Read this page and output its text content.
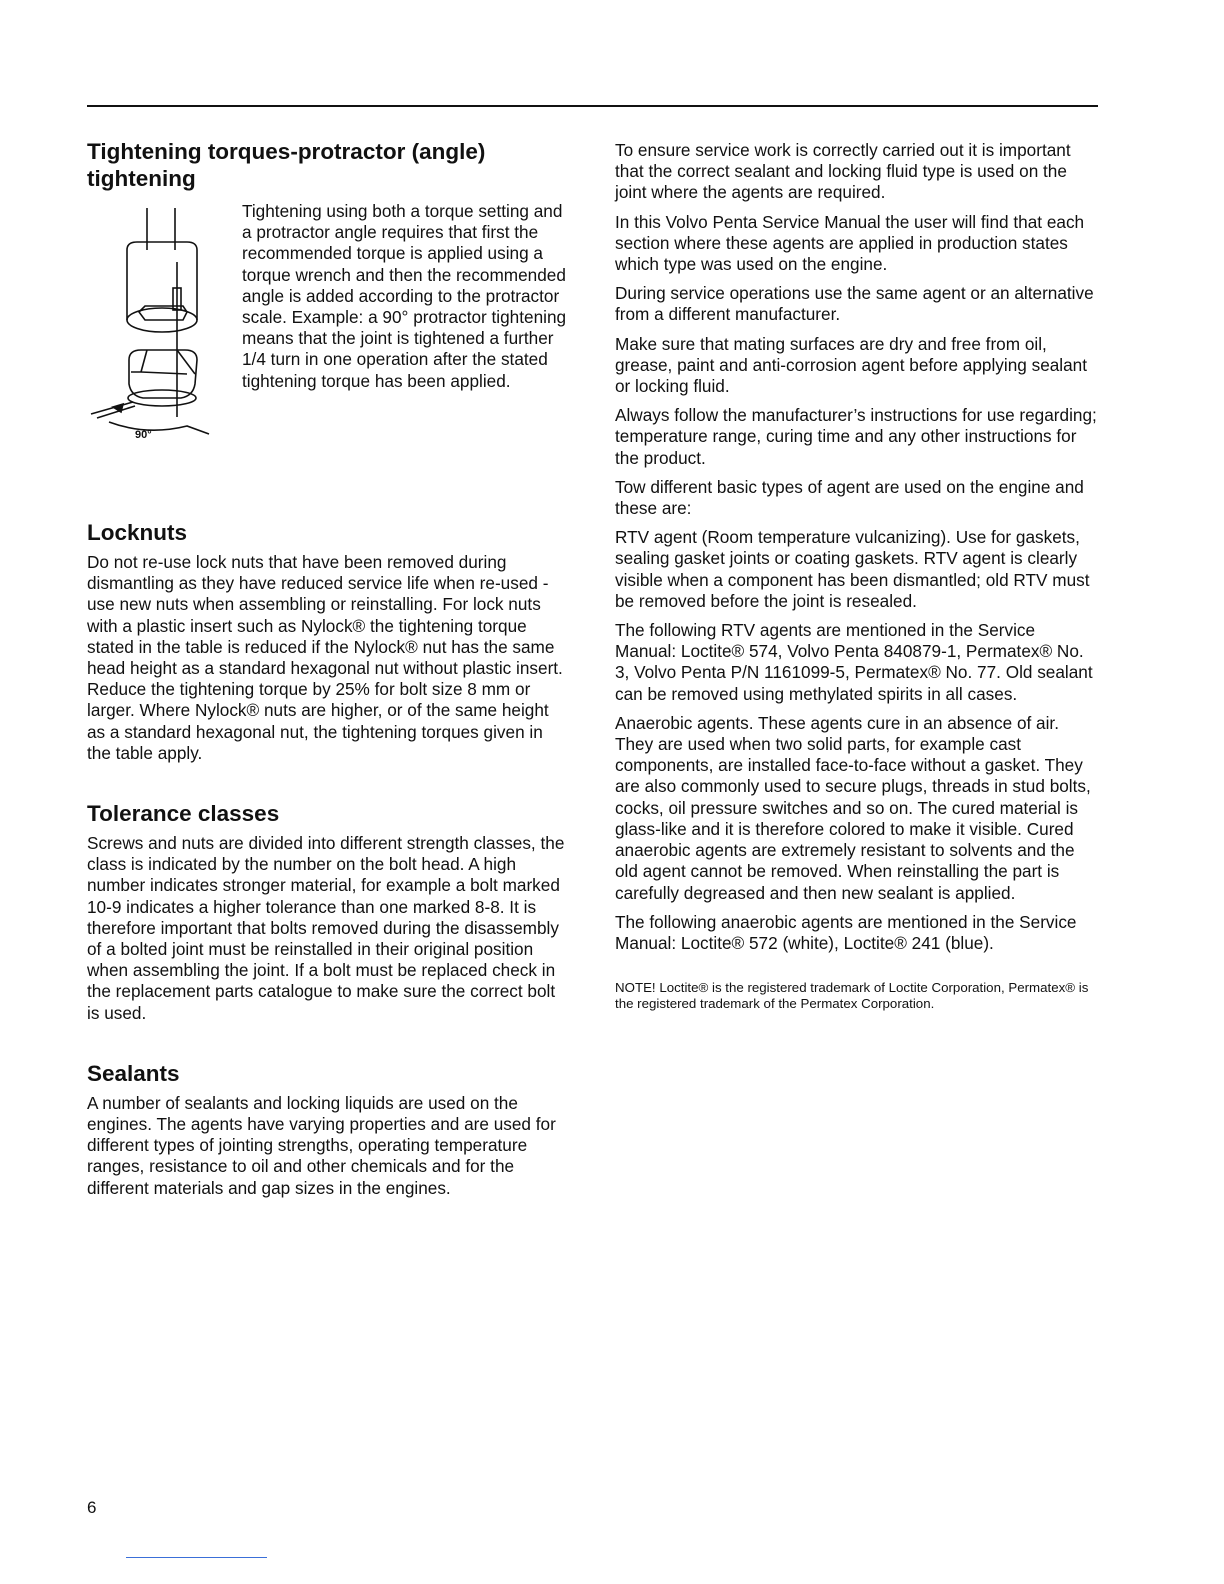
Tightening torques-protractor (angle) tightening
90°

Tightening using both a torque setting and a protractor angle requires that first the recommended torque is applied using a torque wrench and then the recommended angle is added according to the protractor scale. Example: a 90° protractor tightening means that the joint is tightened a further 1/4 turn in one operation after the stated tightening torque has been applied.

Locknuts

Do not re-use lock nuts that have been removed during dismantling as they have reduced service life when re-used - use new nuts when assembling or reinstalling. For lock nuts with a plastic insert such as Nylock® the tightening torque stated in the table is reduced if the Nylock® nut has the same head height as a standard hexagonal nut without plastic insert. Reduce the tightening torque by 25% for bolt size 8 mm or larger. Where Nylock® nuts are higher, or of the same height as a standard hexagonal nut, the tightening torques given in the table apply.

Tolerance classes

Screws and nuts are divided into different strength classes, the class is indicated by the number on the bolt head. A high number indicates stronger material, for example a bolt marked 10-9 indicates a higher tolerance than one marked 8-8. It is therefore important that bolts removed during the disassembly of a bolted joint must be reinstalled in their original position when assembling the joint. If a bolt must be replaced check in the replacement parts catalogue to make sure the correct bolt is used.

Sealants

A number of sealants and locking liquids are used on the engines. The agents have varying properties and are used for different types of jointing strengths, operating temperature ranges, resistance to oil and other chemicals and for the different materials and gap sizes in the engines.

To ensure service work is correctly carried out it is important that the correct sealant and locking fluid type is used on the joint where the agents are required.

In this Volvo Penta Service Manual the user will find that each section where these agents are applied in production states which type was used on the engine.

During service operations use the same agent or an alternative from a different manufacturer.

Make sure that mating surfaces are dry and free from oil, grease, paint and anti-corrosion agent before applying sealant or locking fluid.

Always follow the manufacturer’s instructions for use regarding; temperature range, curing time and any other instructions for the product.

Tow different basic types of agent are used on the engine and these are:

RTV agent (Room temperature vulcanizing). Use for gaskets, sealing gasket joints or coating gaskets. RTV agent is clearly visible when a component has been dismantled; old RTV must be removed before the joint is resealed.

The following RTV agents are mentioned in the Service Manual: Loctite® 574, Volvo Penta 840879-1, Permatex® No. 3, Volvo Penta P/N 1161099-5, Permatex® No. 77. Old sealant can be removed using methylated spirits in all cases.

Anaerobic agents. These agents cure in an absence of air. They are used when two solid parts, for example cast components, are installed face-to-face without a gasket. They are also commonly used to secure plugs, threads in stud bolts, cocks, oil pressure switches and so on. The cured material is glass-like and it is therefore colored to make it visible. Cured anaerobic agents are extremely resistant to solvents and the old agent cannot be removed. When reinstalling the part is carefully degreased and then new sealant is applied.

The following anaerobic agents are mentioned in the Service Manual: Loctite® 572 (white), Loctite® 241 (blue).

NOTE! Loctite® is the registered trademark of Loctite Corporation, Permatex® is the registered trademark of the Permatex Corporation.

6
